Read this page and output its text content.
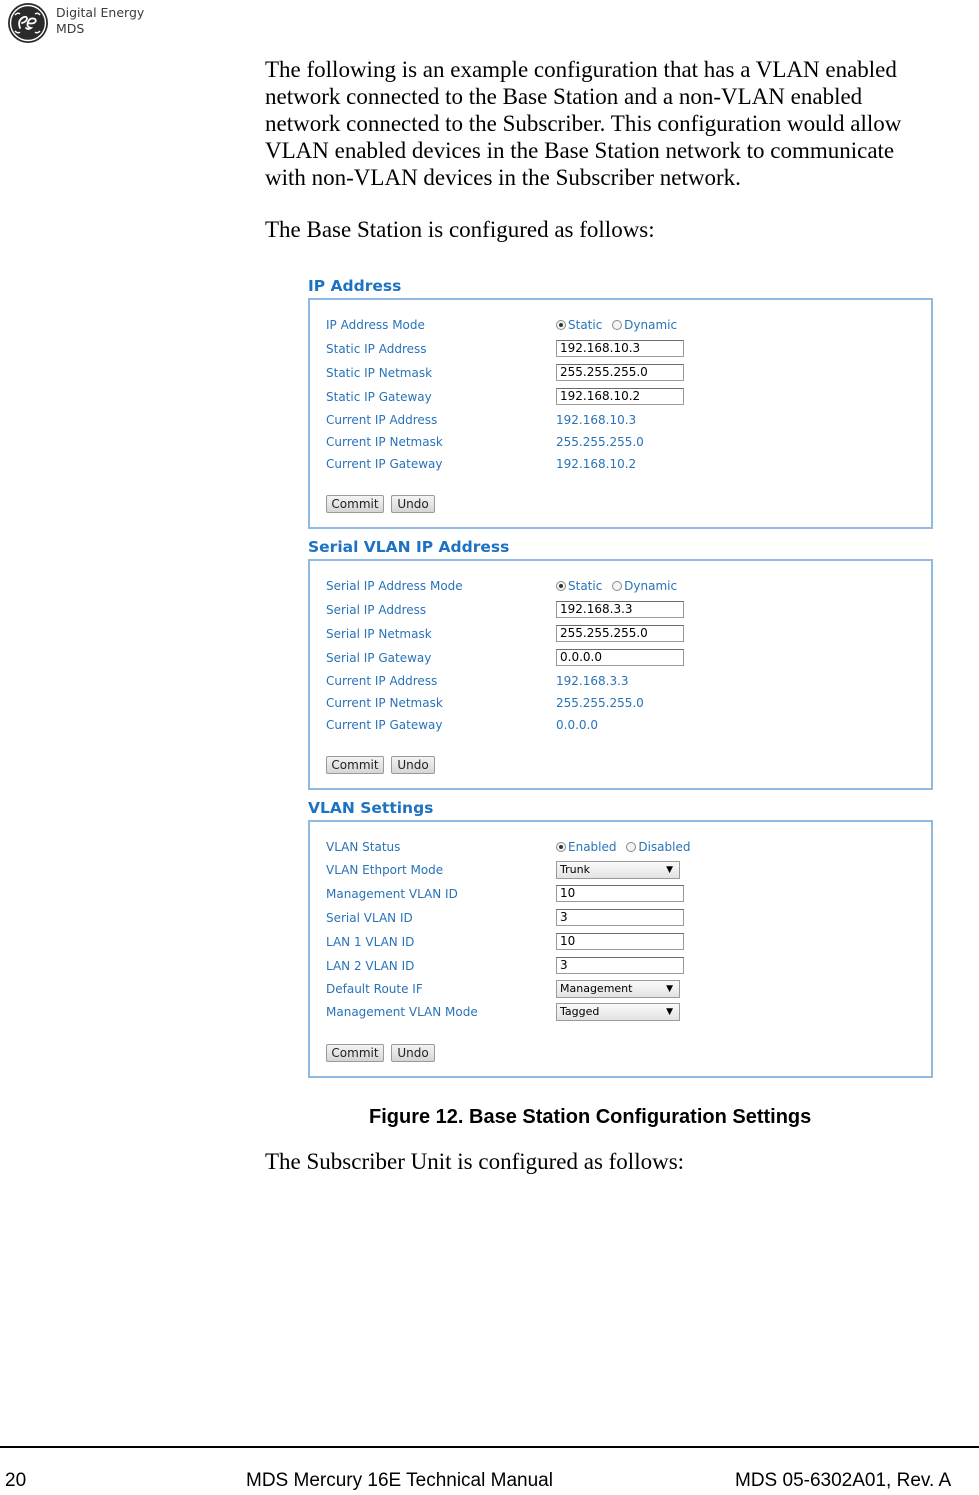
Digital Energy
MDS
The following is an example configuration that has a VLAN enabled
network connected to the Base Station and a non-VLAN enabled
network connected to the Subscriber. This configuration would allow
VLAN enabled devices in the Base Station network to communicate
with non-VLAN devices in the Subscriber network.
The Base Station is configured as follows:
IP Address
IP Address Mode	Static Dynamic
Static IP Address	192.168.10.3
Static IP Netmask	255.255.255.0
Static IP Gateway	192.168.10.2
Current IP Address	192.168.10.3
Current IP Netmask	255.255.255.0
Current IP Gateway	192.168.10.2
Commit	Undo
Serial VLAN IP Address
Serial IP Address Mode	Static Dynamic
Serial IP Address	192.168.3.3
Serial IP Netmask	255.255.255.0
Serial IP Gateway	0.0.0.0
Current IP Address	192.168.3.3
Current IP Netmask	255.255.255.0
Current IP Gateway	0.0.0.0
Commit	Undo
VLAN Settings
VLAN Status	Enabled Disabled
VLAN Ethport Mode	Trunk	▼
Management VLAN ID	10
Serial VLAN ID	3
LAN 1 VLAN ID	10
LAN 2 VLAN ID	3
Default Route IF	Management	▼
Management VLAN Mode	Tagged	▼
Commit	Undo
Figure 12. Base Station Configuration Settings
The Subscriber Unit is configured as follows:
20	MDS Mercury 16E Technical Manual	MDS 05-6302A01, Rev. A
